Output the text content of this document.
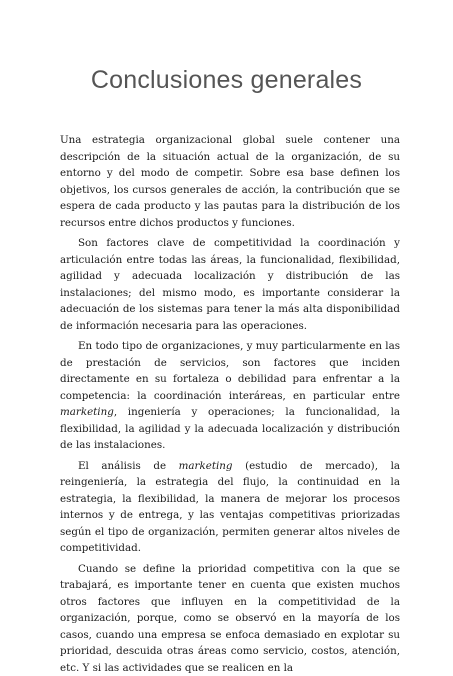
Conclusiones generales

Una estrategia organizacional global suele contener una descripción de la situación actual de la organización, de su entorno y del modo de competir. Sobre esa base definen los objetivos, los cursos generales de acción, la contribución que se espera de cada producto y las pautas para la distribución de los recursos entre dichos productos y funciones.

Son factores clave de competitividad la coordinación y articulación entre todas las áreas, la funcionalidad, flexibilidad, agilidad y adecuada localización y distribución de las instalaciones; del mismo modo, es importante considerar la adecuación de los sistemas para tener la más alta disponibilidad de información necesaria para las operaciones.

En todo tipo de organizaciones, y muy particularmente en las de prestación de servicios, son factores que inciden directamente en su fortaleza o debilidad para enfrentar a la competencia: la coordinación interáreas, en particular entre marketing, ingeniería y operaciones; la funcionalidad, la flexibilidad, la agilidad y la adecuada localización y distribución de las instalaciones.

El análisis de marketing (estudio de mercado), la reingeniería, la estrategia del flujo, la continuidad en la estrategia, la flexibilidad, la manera de mejorar los procesos internos y de entrega, y las ventajas competitivas priorizadas según el tipo de organización, permiten generar altos niveles de competitividad.

Cuando se define la prioridad competitiva con la que se trabajará, es importante tener en cuenta que existen muchos otros factores que influyen en la competitividad de la organización, porque, como se observó en la mayoría de los casos, cuando una empresa se enfoca demasiado en explotar su prioridad, descuida otras áreas como servicio, costos, atención, etc. Y si las actividades que se realicen en la
